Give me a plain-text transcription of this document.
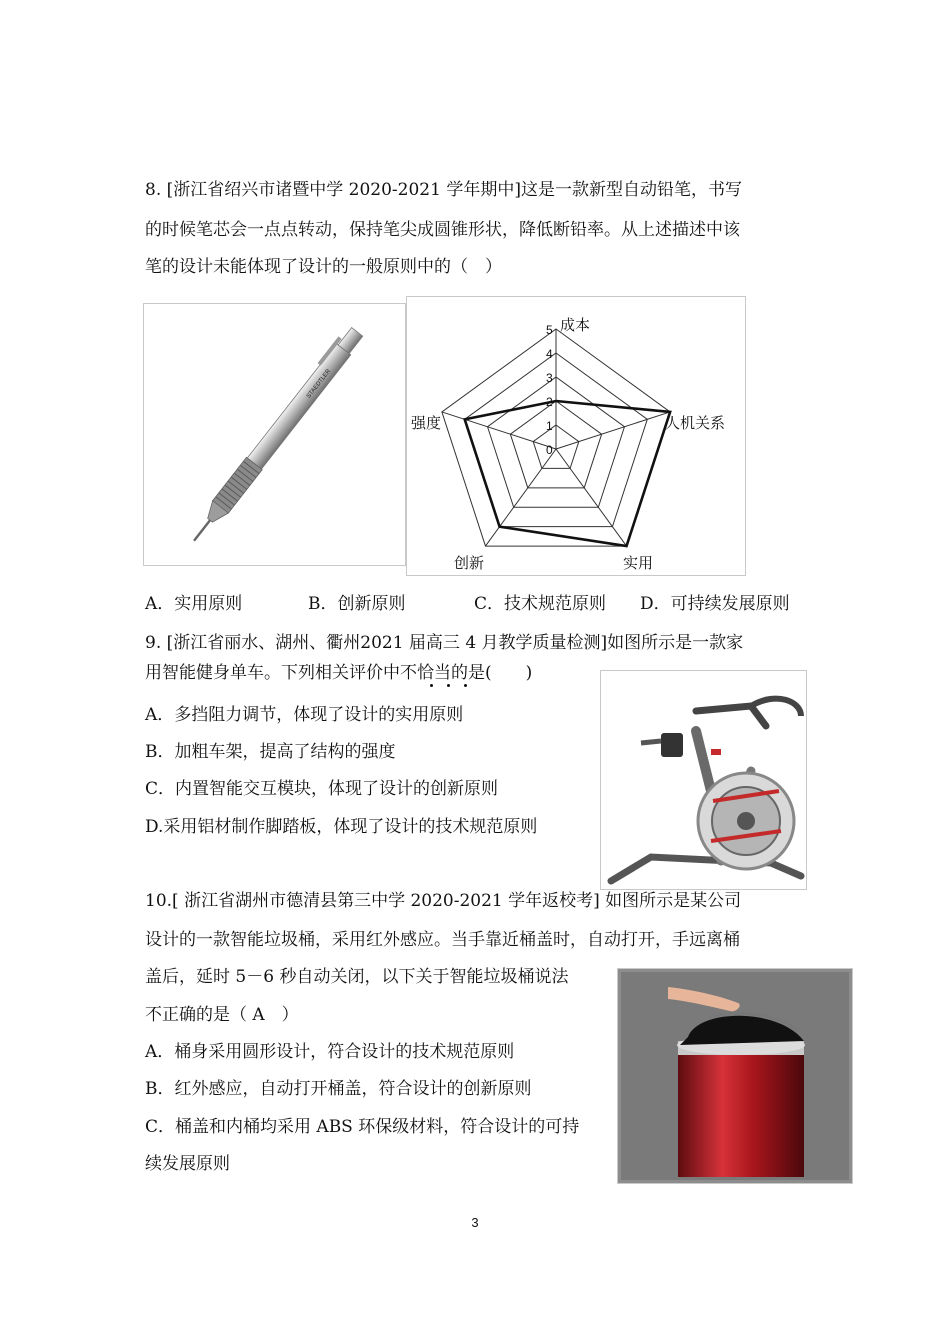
8. [浙江省绍兴市诸暨中学 2020-2021 学年期中]这是一款新型自动铅笔，书写
的时候笔芯会一点点转动，保持笔尖成圆锥形状，降低断铅率。从上述描述中该
笔的设计未能体现了设计的一般原则中的（　）
STAEDTLER
0
1
2
3
4
5 成本
人机关系
实用
创新
强度
A．实用原则	B．创新原则	C．技术规范原则 D．可持续发展原则
9. [浙江省丽水、湖州、衢州2021 届高三 4 月教学质量检测]如图所示是一款家
用智能健身单车。下列相关评价中不恰当的是(　　)
A．多挡阻力调节，体现了设计的实用原则
B．加粗车架，提高了结构的强度
C．内置智能交互模块，体现了设计的创新原则
D.采用铝材制作脚踏板，体现了设计的技术规范原则
10.[ 浙江省湖州市德清县第三中学 2020-2021 学年返校考] 如图所示是某公司
设计的一款智能垃圾桶，采用红外感应。当手靠近桶盖时，自动打开，手远离桶
盖后，延时 5－6 秒自动关闭，以下关于智能垃圾桶说法
不正确的是（ A　）
A．桶身采用圆形设计，符合设计的技术规范原则
B．红外感应，自动打开桶盖，符合设计的创新原则
C．桶盖和内桶均采用 ABS 环保级材料，符合设计的可持
续发展原则
3
